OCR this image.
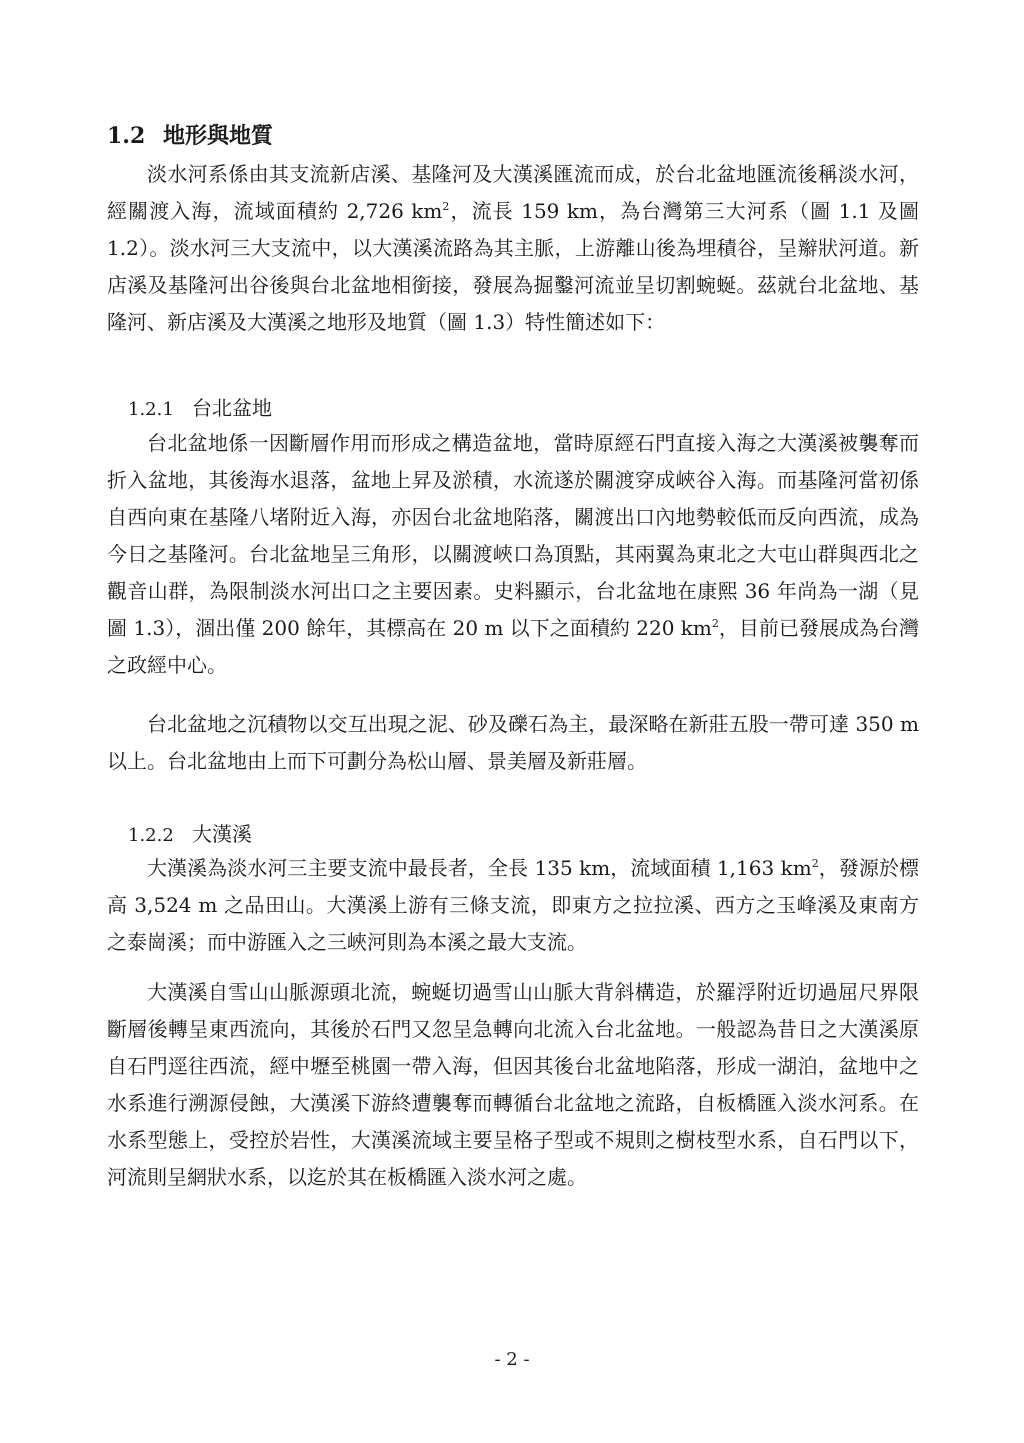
1.2 地形與地質

淡水河系係由其支流新店溪、基隆河及大漢溪匯流而成，於台北盆地匯流後稱淡水河，經關渡入海，流域面積約 2,726 $km^2$，流長 159 km，為台灣第三大河系（圖 1.1 及圖 1.2）。淡水河三大支流中，以大漢溪流路為其主脈，上游離山後為埋積谷，呈辮狀河道。新店溪及基隆河出谷後與台北盆地相銜接，發展為掘鑿河流並呈切割蜿蜒。茲就台北盆地、基隆河、新店溪及大漢溪之地形及地質（圖 1.3）特性簡述如下：

1.2.1 台北盆地

台北盆地係一因斷層作用而形成之構造盆地，當時原經石門直接入海之大漢溪被襲奪而折入盆地，其後海水退落，盆地上昇及淤積，水流遂於關渡穿成峽谷入海。而基隆河當初係自西向東在基隆八堵附近入海，亦因台北盆地陷落，關渡出口內地勢較低而反向西流，成為今日之基隆河。台北盆地呈三角形，以關渡峽口為頂點，其兩翼為東北之大屯山群與西北之觀音山群，為限制淡水河出口之主要因素。史料顯示，台北盆地在康熙 36 年尚為一湖（見圖 1.3），涸出僅 200 餘年，其標高在 20 m 以下之面積約 220 $km^2$，目前已發展成為台灣之政經中心。

台北盆地之沉積物以交互出現之泥、砂及礫石為主，最深略在新莊五股一帶可達 350 m 以上。台北盆地由上而下可劃分為松山層、景美層及新莊層。

1.2.2 大漢溪

大漢溪為淡水河三主要支流中最長者，全長 135 km，流域面積 1,163 $km^2$，發源於標高 3,524 m 之品田山。大漢溪上游有三條支流，即東方之拉拉溪、西方之玉峰溪及東南方之泰崗溪；而中游匯入之三峽河則為本溪之最大支流。

大漢溪自雪山山脈源頭北流，蜿蜒切過雪山山脈大背斜構造，於羅浮附近切過屈尺界限斷層後轉呈東西流向，其後於石門又忽呈急轉向北流入台北盆地。一般認為昔日之大漢溪原自石門逕往西流，經中壢至桃園一帶入海，但因其後台北盆地陷落，形成一湖泊，盆地中之水系進行溯源侵蝕，大漢溪下游終遭襲奪而轉循台北盆地之流路，自板橋匯入淡水河系。在水系型態上，受控於岩性，大漢溪流域主要呈格子型或不規則之樹枝型水系，自石門以下，河流則呈網狀水系，以迄於其在板橋匯入淡水河之處。

- 2 -
